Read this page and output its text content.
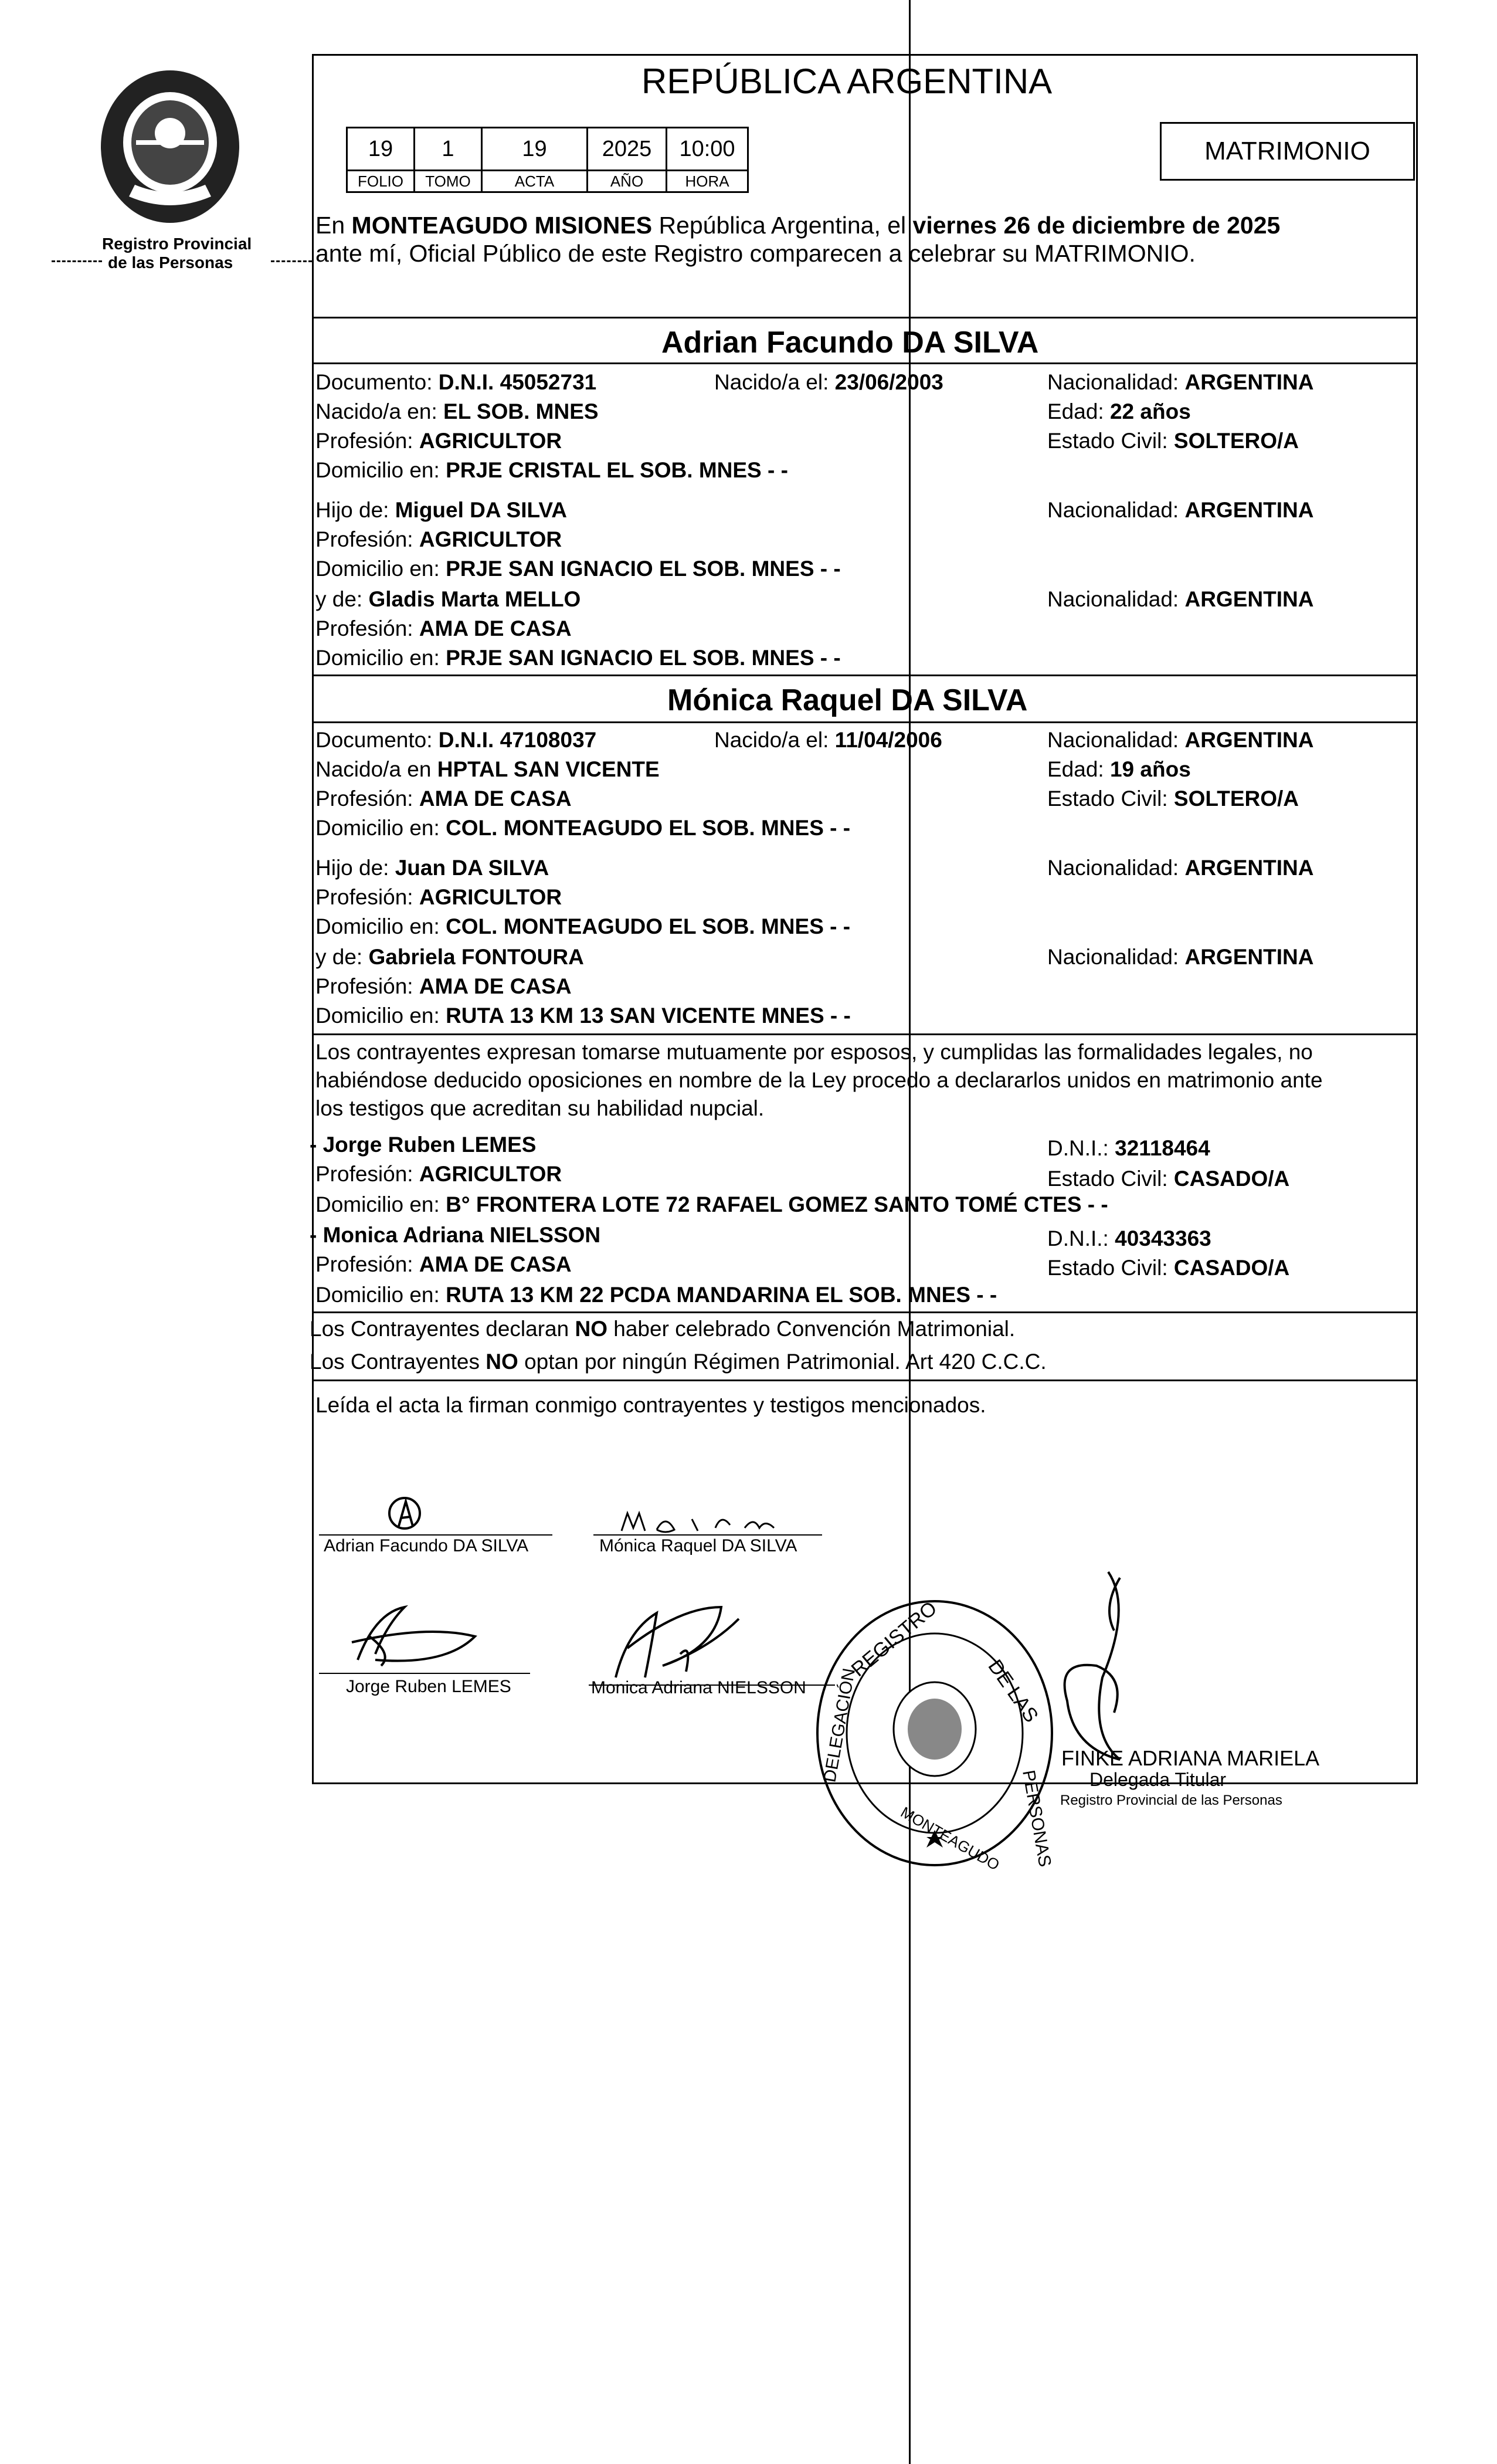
Registro Provincial
de las Personas
REPÚBLICA ARGENTINA
19	1	19	2025	10:00
FOLIO	TOMO	ACTA	AÑO	HORA
MATRIMONIO
En MONTEAGUDO MISIONES República Argentina, el viernes 26 de diciembre de 2025
ante mí, Oficial Público de este Registro comparecen a celebrar su MATRIMONIO.
Adrian Facundo DA SILVA
Documento: D.N.I. 45052731	Nacido/a el: 23/06/2003	Nacionalidad: ARGENTINA
Nacido/a en: EL SOB. MNES	Edad: 22 años
Profesión: AGRICULTOR	Estado Civil: SOLTERO/A
Domicilio en: PRJE CRISTAL EL SOB. MNES - -
Hijo de: Miguel DA SILVA	Nacionalidad: ARGENTINA
Profesión: AGRICULTOR
Domicilio en: PRJE SAN IGNACIO EL SOB. MNES - -
y de: Gladis Marta MELLO	Nacionalidad: ARGENTINA
Profesión: AMA DE CASA
Domicilio en: PRJE SAN IGNACIO EL SOB. MNES - -
Mónica Raquel DA SILVA
Documento: D.N.I. 47108037	Nacido/a el: 11/04/2006	Nacionalidad: ARGENTINA
Nacido/a en HPTAL SAN VICENTE	Edad: 19 años
Profesión: AMA DE CASA	Estado Civil: SOLTERO/A
Domicilio en: COL. MONTEAGUDO EL SOB. MNES - -
Hijo de: Juan DA SILVA	Nacionalidad: ARGENTINA
Profesión: AGRICULTOR
Domicilio en: COL. MONTEAGUDO EL SOB. MNES - -
y de: Gabriela FONTOURA	Nacionalidad: ARGENTINA
Profesión: AMA DE CASA
Domicilio en: RUTA 13 KM 13 SAN VICENTE MNES - -
Los contrayentes expresan tomarse mutuamente por esposos, y cumplidas las formalidades legales, no
habiéndose deducido oposiciones en nombre de la Ley procedo a declararlos unidos en matrimonio ante
los testigos que acreditan su habilidad nupcial.
- Jorge Ruben LEMES	D.N.I.: 32118464
Profesión: AGRICULTOR	Estado Civil: CASADO/A
Domicilio en: B° FRONTERA LOTE 72 RAFAEL GOMEZ SANTO TOMÉ CTES - -
- Monica Adriana NIELSSON	D.N.I.: 40343363
Profesión: AMA DE CASA	Estado Civil: CASADO/A
Domicilio en: RUTA 13 KM 22 PCDA MANDARINA EL SOB. MNES - -
Los Contrayentes declaran NO haber celebrado Convención Matrimonial.
Los Contrayentes NO optan por ningún Régimen Patrimonial. Art 420 C.C.C.
Leída el acta la firman conmigo contrayentes y testigos mencionados.
Adrian Facundo DA SILVA	Mónica Raquel DA SILVA
Jorge Ruben LEMES	Monica Adriana NIELSSON
REGISTRO
DE LAS
DELEGACIÓN
PERSONAS
MONTEAGUDO
FINKE ADRIANA MARIELA
Delegada Titular
Registro Provincial de las Personas
